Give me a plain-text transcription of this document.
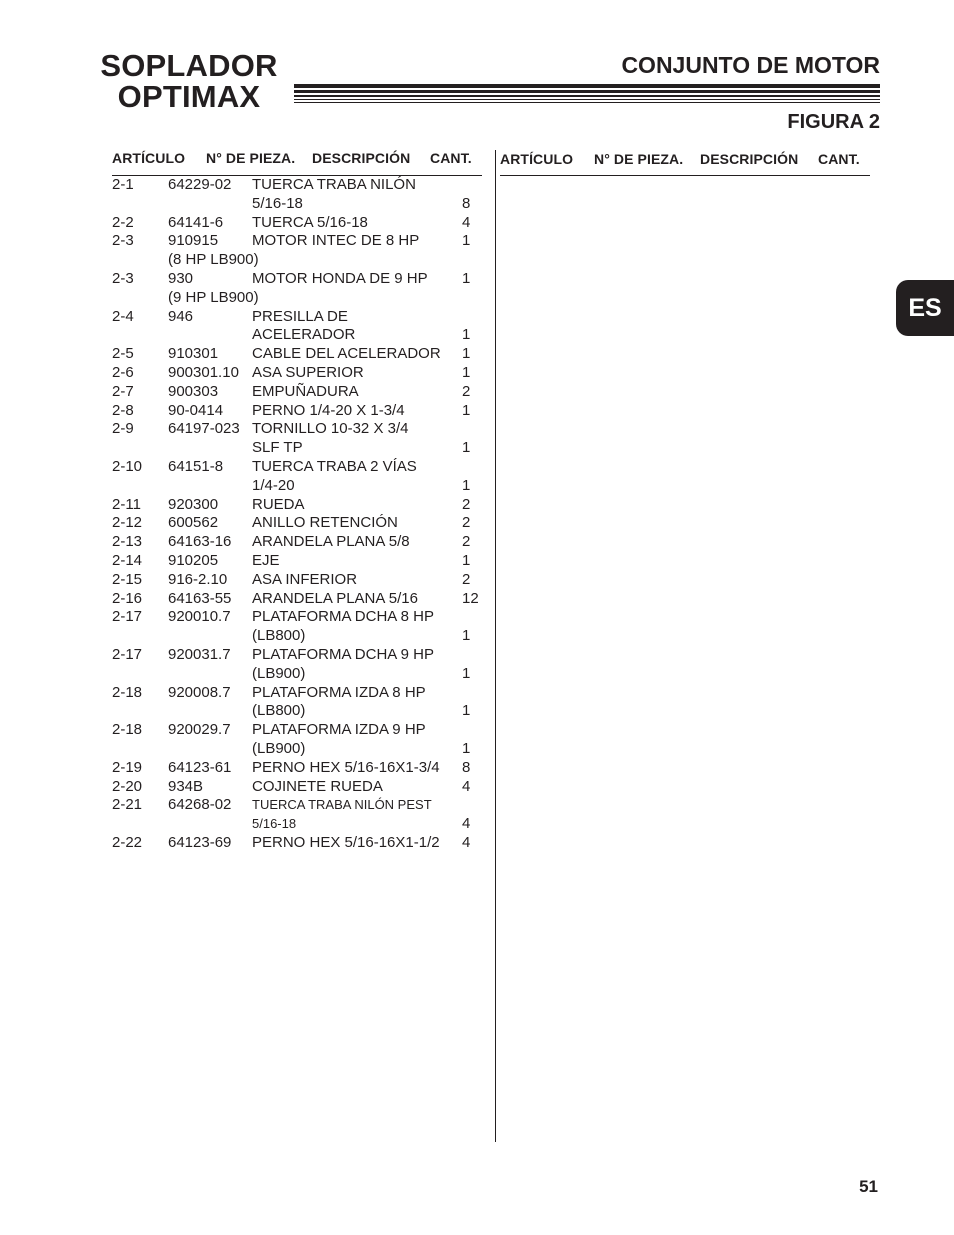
SOPLADOR
OPTIMAX
CONJUNTO DE MOTOR
FIGURA 2
ARTÍCULO N° DE PIEZA. DESCRIPCIÓN CANT. ARTÍCULO N° DE PIEZA. DESCRIPCIÓN CANT.
2-1 64229-02 TUERCA TRABA NILÓN
5/16-18	8
2-2 64141-6 TUERCA 5/16-18	4
2-3 910915 MOTOR INTEC DE 8 HP
(8 HP LB900)
1
2-3 930	MOTOR HONDA DE 9 HP
(9 HP LB900)
1
2-4 946	PRESILLA DE
ACELERADOR	1
2-5 910301 CABLE DEL ACELERADOR	1
2-6 900301.10 ASA SUPERIOR	1
2-7 900303 EMPUÑADURA	2
2-8 90-0414 PERNO 1/4-20 X 1-3/4	1
2-9 64197-023 TORNILLO 10-32 X 3/4
SLF TP	1
2-10 64151-8 TUERCA TRABA 2 VÍAS
1/4-20	1
2-11 920300 RUEDA	2
2-12 600562 ANILLO RETENCIÓN	2
2-13 64163-16 ARANDELA PLANA 5/8	2
2-14 910205 EJE	1
2-15 916-2.10 ASA INFERIOR	2
2-16 64163-55 ARANDELA PLANA 5/16	12
2-17 920010.7 PLATAFORMA DCHA 8 HP
(LB800)	1
2-17 920031.7 PLATAFORMA DCHA 9 HP
(LB900)	1
2-18 920008.7 PLATAFORMA IZDA 8 HP
(LB800)	1
2-18 920029.7 PLATAFORMA IZDA 9 HP
(LB900)	1
2-19 64123-61 PERNO HEX 5/16-16X1-3/4	8
2-20 934B	COJINETE RUEDA	4
2-21 64268-02 TUERCA TRABA NILÓN PEST
5/16-18	4
2-22 64123-69 PERNO HEX 5/16-16X1-1/2	4
ES
51
